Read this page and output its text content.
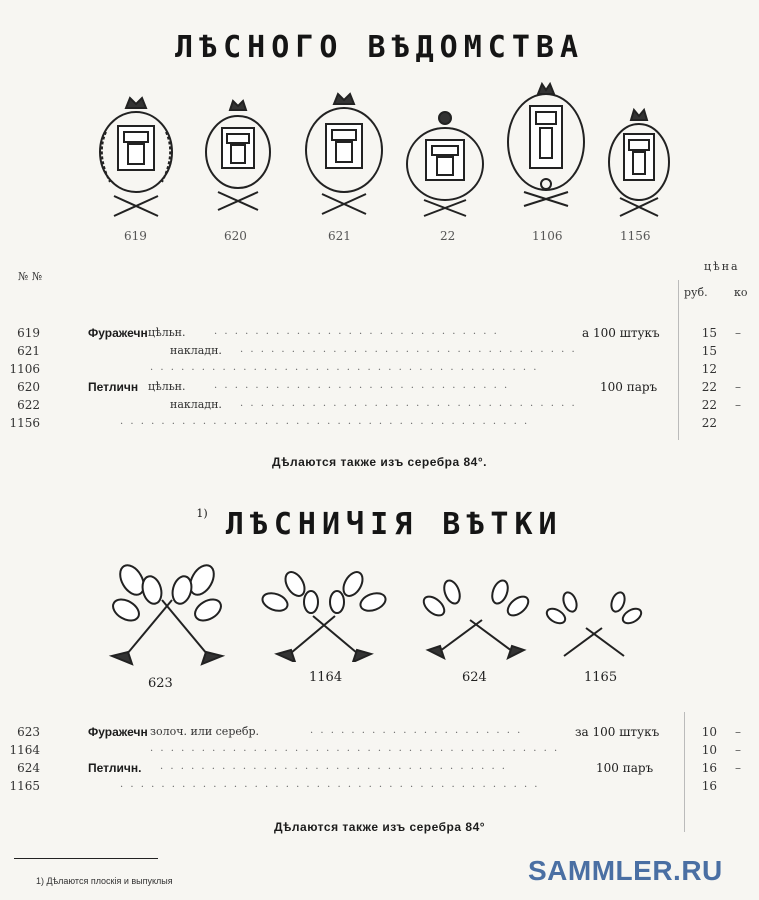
ЛѢСНОГО ВѢДОМСТВА
619	620	621	22	1106	1156
№ №
цѣна
руб. ко
619	Фуражечн цѣльн.	. . . . . . . . . . . . . . . . . . . . . . . . . . . .	а 100 штукъ	15 –
621	накладн. . . . . . . . . . . . . . . . . . . . . . . . . . . . . . . . . .	15
1106	. . . . . . . . . . . . . . . . . . . . . . . . . . . . . . . . . . . . . .	12
620	Петличн цѣльн.	. . . . . . . . . . . . . . . . . . . . . . . . . . . . .	100 паръ	22 –
622	накладн. . . . . . . . . . . . . . . . . . . . . . . . . . . . . . . . . .	22 –
1156	. . . . . . . . . . . . . . . . . . . . . . . . . . . . . . . . . . . . . . . .	22
Дѣлаются также изъ серебра 84°.
$^{1)}$ ЛѢСНИЧІЯ ВѢТКИ
623	1164	624	1165
623	Фуражечн золоч. или серебр.	. . . . . . . . . . . . . . . . . . . . .	за 100 штукъ	10 –
1164	. . . . . . . . . . . . . . . . . . . . . . . . . . . . . . . . . . . . . . . .	10 –
624	Петличн. . . . . . . . . . . . . . . . . . . . . . . . . . . . . . . . . . .	100 паръ	16 –
1165	. . . . . . . . . . . . . . . . . . . . . . . . . . . . . . . . . . . . . . . . .	16
Дѣлаются также изъ серебра 84°
1) Дѣлаются плоскія и выпуклыя	SAMMLER.RU
